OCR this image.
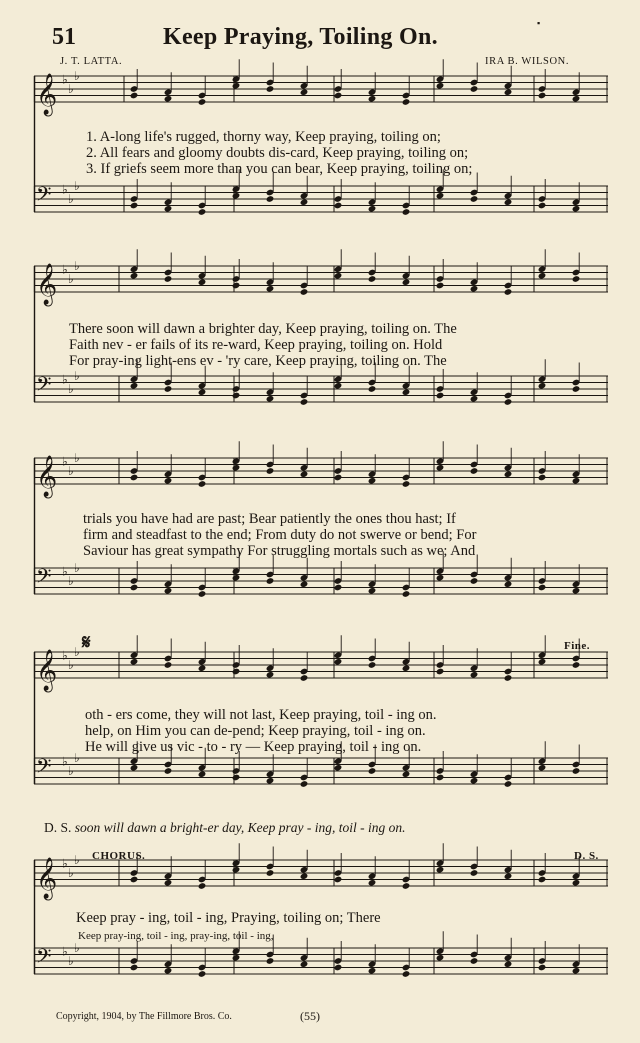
▪
51	Keep Praying, Toiling On.
J. T. LATTA.	IRA B. WILSON.
𝄞 ♭
♭
♭
𝄢 ♭
♭
♭
1. A-long life's rugged, thorny way, Keep praying, toiling on;
2. All fears and gloomy doubts dis-card, Keep praying, toiling on;
3. If griefs seem more than you can bear, Keep praying, toiling on;
𝄞 ♭
♭
♭
𝄢 ♭
♭
♭
There soon will dawn a brighter day, Keep praying, toiling on. The
Faith nev - er fails of its re-ward, Keep praying, toiling on. Hold
For pray-ing light-ens ev - 'ry care, Keep praying, toiling on. The
𝄞 ♭
♭
♭
𝄢 ♭
♭
♭
trials you have had are past; Bear patiently the ones thou hast; If
firm and steadfast to the end; From duty do not swerve or bend; For
Saviour has great sympathy For struggling mortals such as we; And
𝄞 ♭
♭
♭
𝄢 ♭
♭
♭
𝄋	Fine.
oth - ers come, they will not last, Keep praying, toil - ing on.
help, on Him you can de-pend; Keep praying, toil - ing on.
He will give us vic - to - ry — Keep praying, toil - ing on.
D. S. soon will dawn a bright-er day, Keep pray - ing, toil - ing on.
𝄞 ♭
♭
♭
𝄢 ♭
♭
♭
CHORUS.	D. S.
Keep pray - ing, toil - ing, Praying, toiling on; There
Keep pray-ing, toil - ing, pray-ing, toil - ing,
Copyright, 1904, by The Fillmore Bros. Co.	(55)
